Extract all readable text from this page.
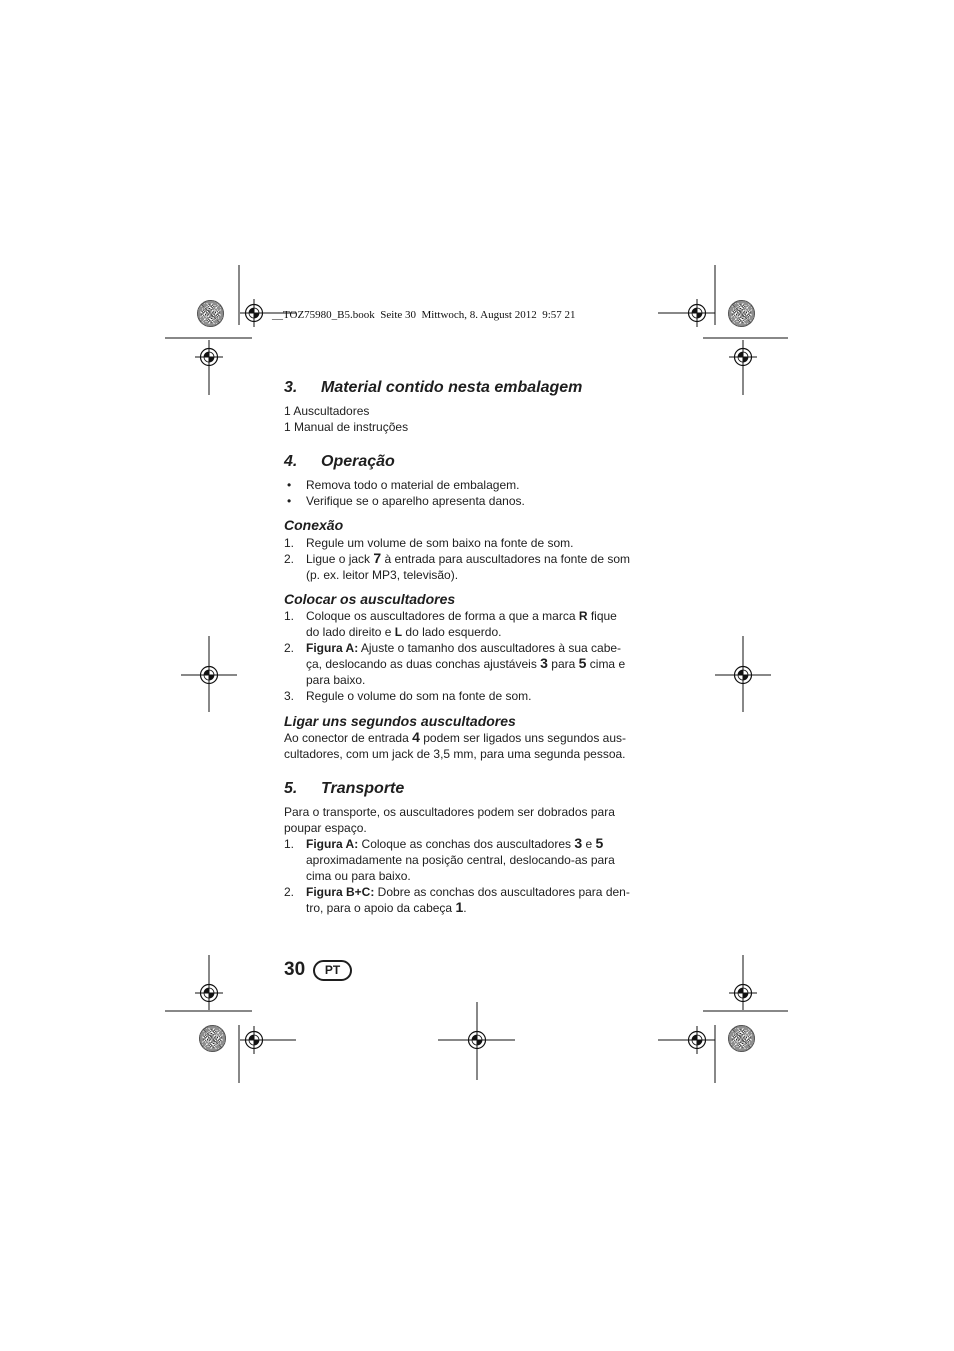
__TOZ75980_B5.book  Seite 30  Mittwoch, 8. August 2012  9:57 21
3. Material contido nesta embalagem
1 Auscultadores
1 Manual de instruções
4. Operação
• Remova todo o material de embalagem.
• Verifique se o aparelho apresenta danos.
Conexão
1. Regule um volume de som baixo na fonte de som.
2. Ligue o jack 7 à entrada para auscultadores na fonte de som
(p. ex. leitor MP3, televisão).
Colocar os auscultadores
1. Coloque os auscultadores de forma a que a marca R fique
do lado direito e L do lado esquerdo.
2. Figura A: Ajuste o tamanho dos auscultadores à sua cabe-
ça, deslocando as duas conchas ajustáveis 3 para 5 cima e
para baixo.
3. Regule o volume do som na fonte de som.
Ligar uns segundos auscultadores
Ao conector de entrada 4 podem ser ligados uns segundos aus-
cultadores, com um jack de 3,5 mm, para uma segunda pessoa.
5. Transporte
Para o transporte, os auscultadores podem ser dobrados para
poupar espaço.
1. Figura A: Coloque as conchas dos auscultadores 3 e 5
aproximadamente na posição central, deslocando-as para
cima ou para baixo.
2. Figura B+C: Dobre as conchas dos auscultadores para den-
tro, para o apoio da cabeça 1.
30	PT
